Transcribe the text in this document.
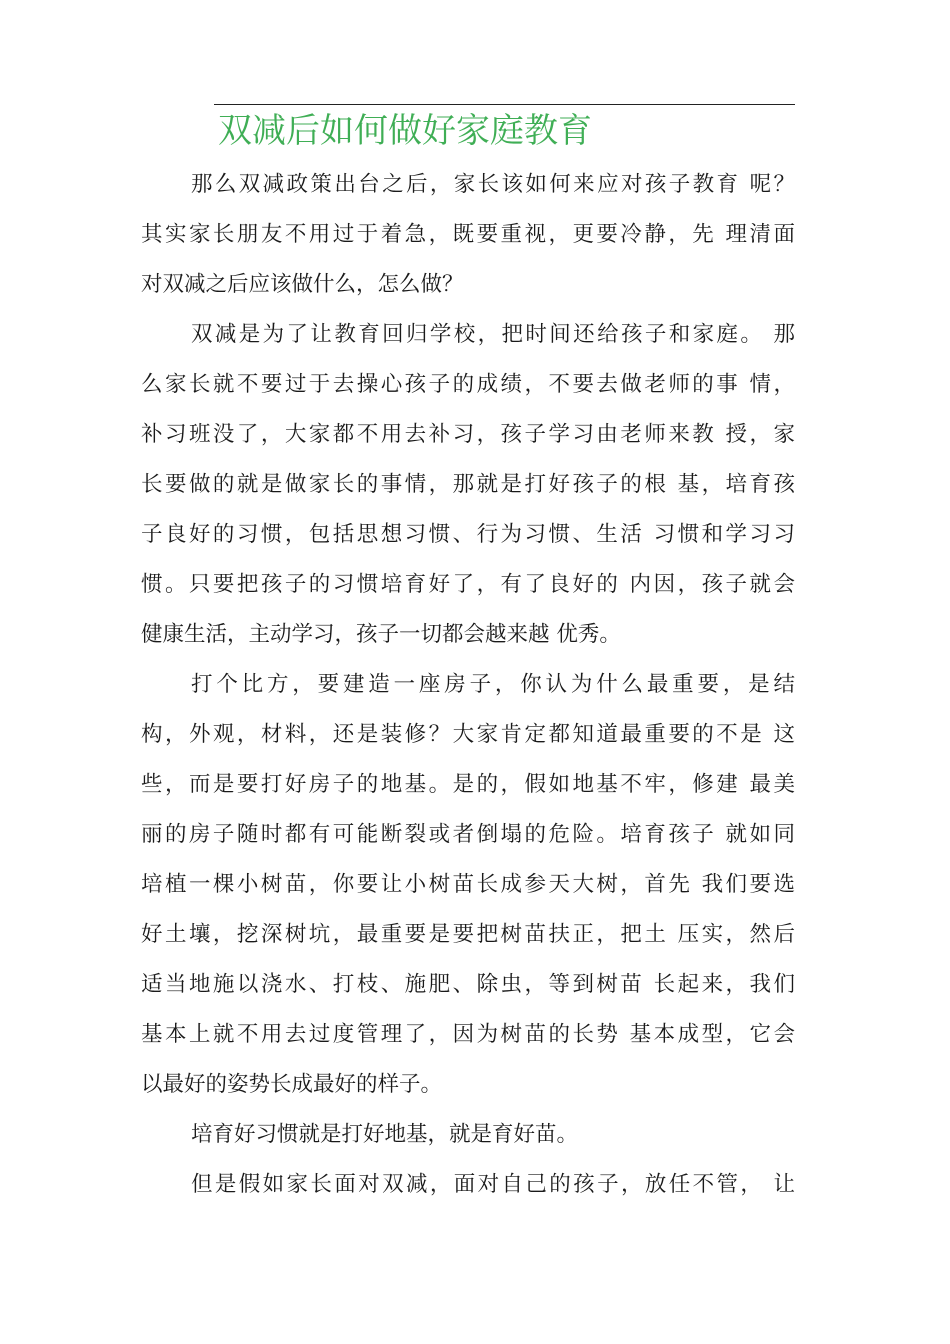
双减后如何做好家庭教育
那么双减政策出台之后，家长该如何来应对孩子教育 呢？
其实家长朋友不用过于着急，既要重视，更要冷静，先 理清面
对双减之后应该做什么，怎么做？
双减是为了让教育回归学校，把时间还给孩子和家庭。 那
么家长就不要过于去操心孩子的成绩，不要去做老师的事 情，
补习班没了，大家都不用去补习，孩子学习由老师来教 授，家
长要做的就是做家长的事情，那就是打好孩子的根 基，培育孩
子良好的习惯，包括思想习惯、行为习惯、生活 习惯和学习习
惯。只要把孩子的习惯培育好了，有了良好的 内因，孩子就会
健康生活，主动学习，孩子一切都会越来越 优秀。
打个比方，要建造一座房子，你认为什么最重要，是结
构，外观，材料，还是装修？大家肯定都知道最重要的不是 这
些，而是要打好房子的地基。是的，假如地基不牢，修建 最美
丽的房子随时都有可能断裂或者倒塌的危险。培育孩子 就如同
培植一棵小树苗，你要让小树苗长成参天大树，首先 我们要选
好土壤，挖深树坑，最重要是要把树苗扶正，把土 压实，然后
适当地施以浇水、打枝、施肥、除虫，等到树苗 长起来，我们
基本上就不用去过度管理了，因为树苗的长势 基本成型，它会
以最好的姿势长成最好的样子。
培育好习惯就是打好地基，就是育好苗。
但是假如家长面对双减，面对自己的孩子，放任不管， 让
